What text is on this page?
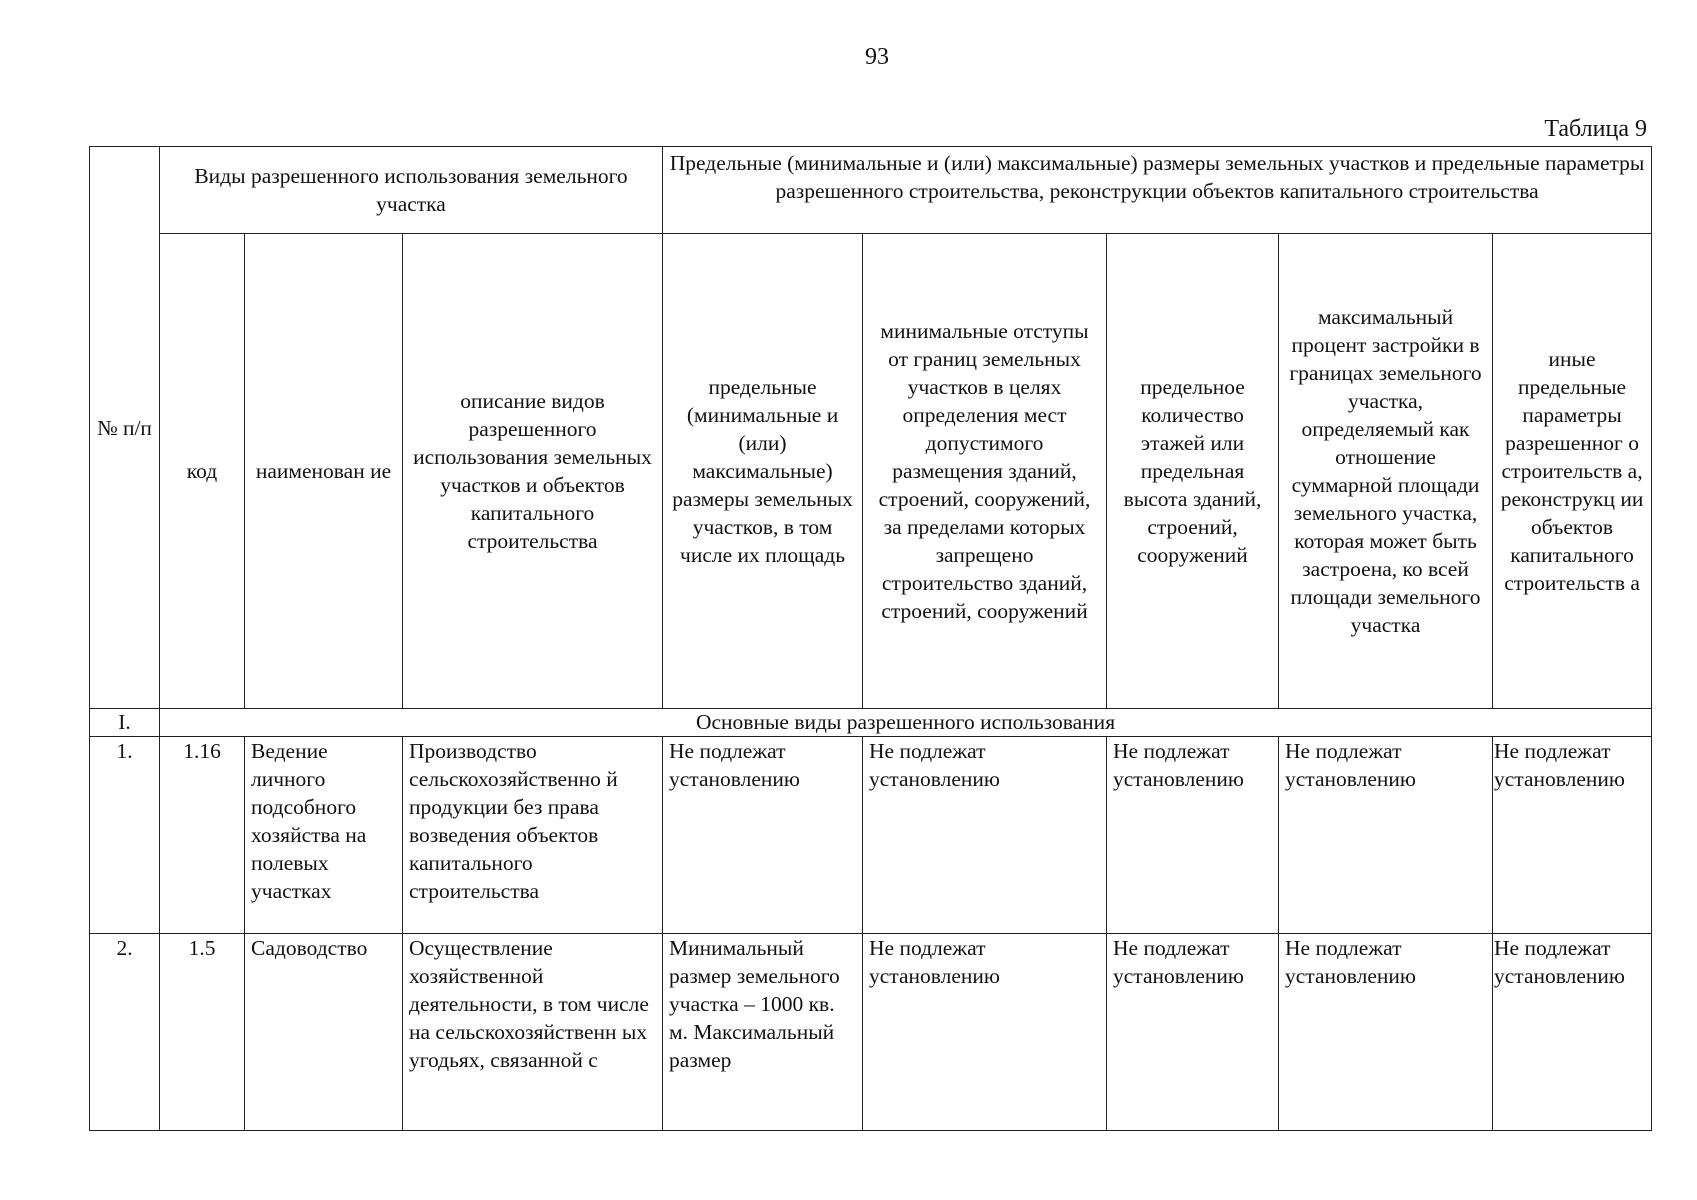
93
Таблица 9
№ п/п	Виды разрешенного использования земельного участка			Предельные (минимальные и (или) максимальные) размеры земельных участков и предельные параметры разрешенного строительства, реконструкции объектов капитального строительства				
	код	наименован ие	описание видов разрешенного использования земельных участков и объектов капитального строительства	предельные (минимальные и (или) максимальные) размеры земельных участков, в том числе их площадь	минимальные отступы от границ земельных участков в целях определения мест допустимого размещения зданий, строений, сооружений, за пределами которых запрещено строительство зданий, строений, сооружений	предельное количество этажей или предельная высота зданий, строений, сооружений	максимальный процент застройки в границах земельного участка, определяемый как отношение суммарной площади земельного участка, которая может быть застроена, ко всей площади земельного участка	иные предельные параметры разрешенног о строительств а, реконструкц ии объектов капитального строительств а
I.	Основные виды разрешенного использования							
1.	1.16	Ведение личного подсобного хозяйства на полевых участках	Производство сельскохозяйственно й продукции без права возведения объектов капитального строительства	Не подлежат установлению	Не подлежат установлению	Не подлежат установлению	Не подлежат установлению	Не подлежат установлению
2.	1.5	Садоводство	Осуществление хозяйственной деятельности, в том числе на сельскохозяйственн ых угодьях, связанной с	Минимальный размер земельного участка – 1000 кв. м. Максимальный размер	Не подлежат установлению	Не подлежат установлению	Не подлежат установлению	Не подлежат установлению
